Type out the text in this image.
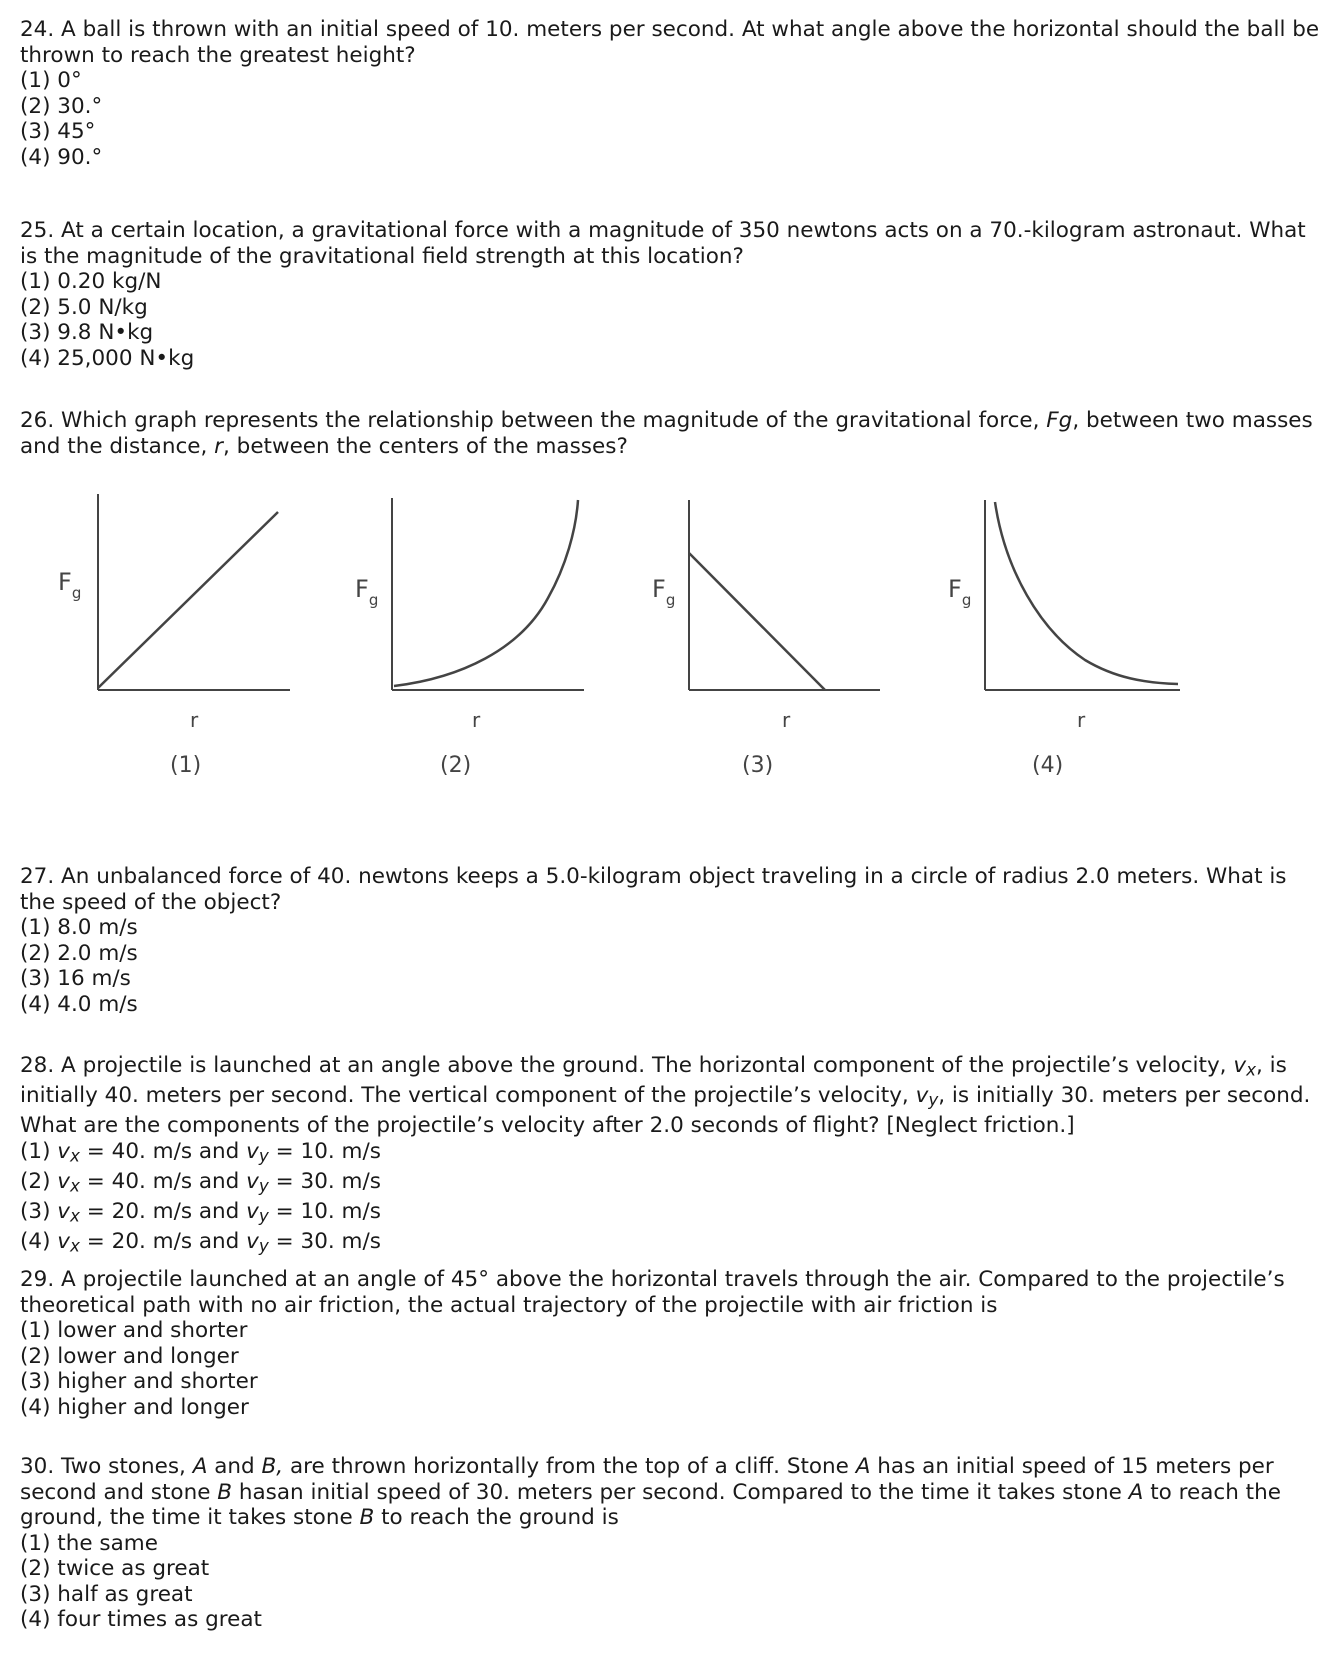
24. A ball is thrown with an initial speed of 10. meters per second. At what angle above the horizontal should the ball be thrown to reach the greatest height?

(1) 0°
(2) 30.°
(3) 45°
(4) 90.°

25. At a certain location, a gravitational force with a magnitude of 350 newtons acts on a 70.-kilogram astronaut. What is the magnitude of the gravitational field strength at this location?

(1) 0.20 kg/N
(2) 5.0 N/kg
(3) 9.8 N•kg
(4) 25,000 N•kg

26. Which graph represents the relationship between the magnitude of the gravitational force, Fg, between two masses and the distance, r, between the centers of the masses?

$F_g$
r
(1)
$F_g$
r
(2)
$F_g$
r
(3)
$F_g$
r
(4)

27. An unbalanced force of 40. newtons keeps a 5.0-kilogram object traveling in a circle of radius 2.0 meters. What is the speed of the object?

(1) 8.0 m/s
(2) 2.0 m/s
(3) 16 m/s
(4) 4.0 m/s

28. A projectile is launched at an angle above the ground. The horizontal component of the projectile’s velocity, $v_x$, is initially 40. meters per second. The vertical component of the projectile’s velocity, $v_y$, is initially 30. meters per second. What are the components of the projectile’s velocity after 2.0 seconds of flight? [Neglect friction.]

(1) $v_x = 40$. m/s and $v_y = 10$. m/s
(2) $v_x = 40$. m/s and $v_y = 30$. m/s
(3) $v_x = 20$. m/s and $v_y = 10$. m/s
(4) $v_x = 20$. m/s and $v_y = 30$. m/s

29. A projectile launched at an angle of 45° above the horizontal travels through the air. Compared to the projectile’s theoretical path with no air friction, the actual trajectory of the projectile with air friction is

(1) lower and shorter
(2) lower and longer
(3) higher and shorter
(4) higher and longer

30. Two stones, A and B, are thrown horizontally from the top of a cliff. Stone A has an initial speed of 15 meters per second and stone B hasan initial speed of 30. meters per second. Compared to the time it takes stone A to reach the ground, the time it takes stone B to reach the ground is

(1) the same
(2) twice as great
(3) half as great
(4) four times as great
